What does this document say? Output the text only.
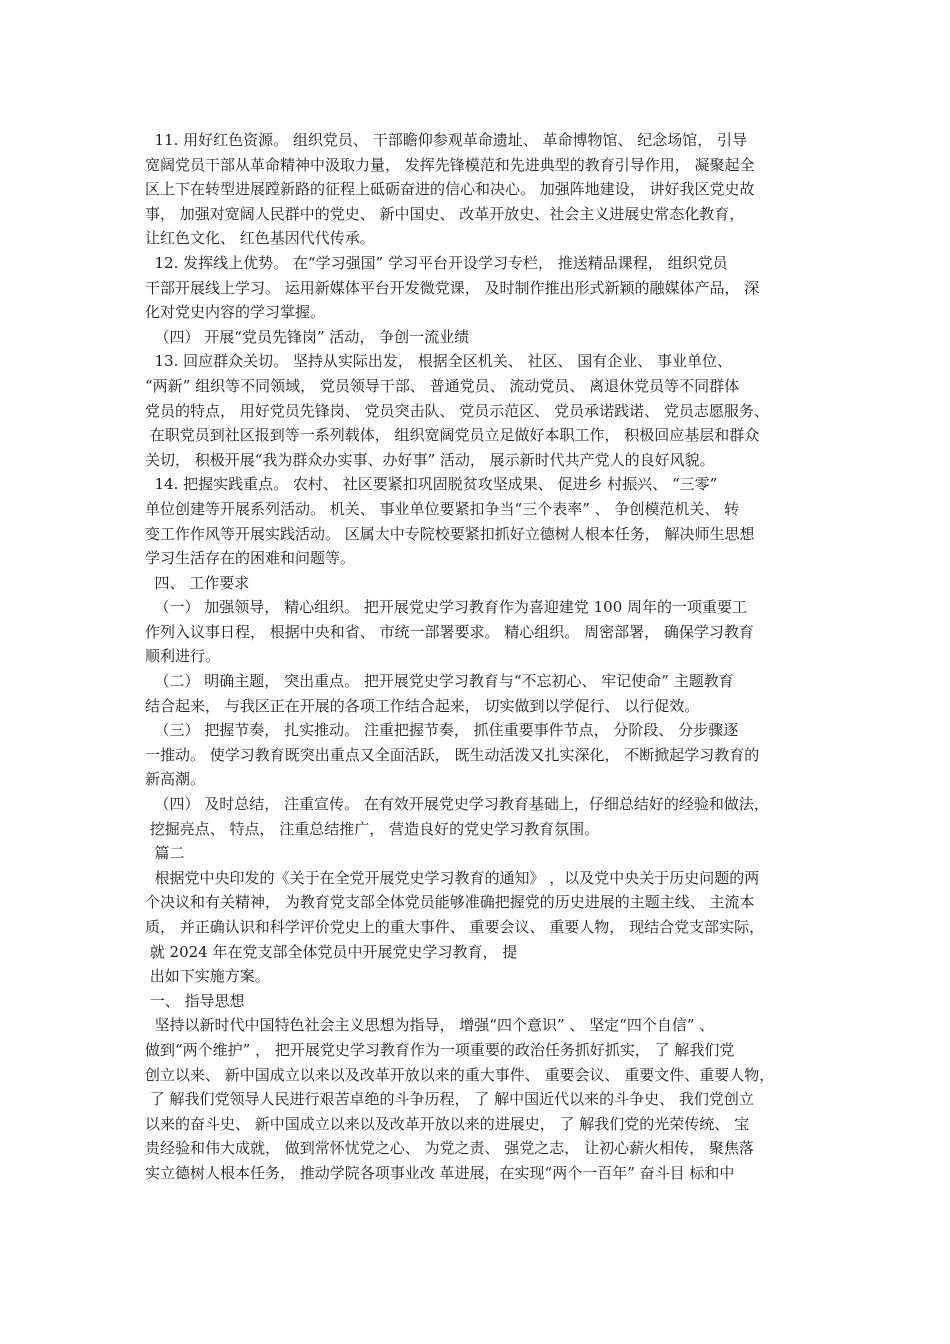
11. 用好红色资源。 组织党员、 干部瞻仰参观革命遗址、 革命博物馆、 纪念场馆， 引导
宽阔党员干部从革命精神中汲取力量， 发挥先锋模范和先进典型的教育引导作用， 凝聚起全
区上下在转型进展蹚新路的征程上砥砺奋进的信心和决心。 加强阵地建设， 讲好我区党史故
事， 加强对宽阔人民群中的党史、 新中国史、 改革开放史、社会主义进展史常态化教育，
让红色文化、 红色基因代代传承。
12. 发挥线上优势。 在“学习强国” 学习平台开设学习专栏， 推送精品课程， 组织党员
干部开展线上学习。 运用新媒体平台开发微党课， 及时制作推出形式新颖的融媒体产品， 深
化对党史内容的学习掌握。
（四） 开展“党员先锋岗” 活动， 争创一流业绩
13. 回应群众关切。 坚持从实际出发， 根据全区机关、 社区、 国有企业、 事业单位、
“两新” 组织等不同领域， 党员领导干部、 普通党员、 流动党员、 离退休党员等不同群体
党员的特点， 用好党员先锋岗、 党员突击队、 党员示范区、 党员承诺践诺、 党员志愿服务、
在职党员到社区报到等一系列载体， 组织宽阔党员立足做好本职工作， 积极回应基层和群众
关切， 积极开展“我为群众办实事、办好事” 活动， 展示新时代共产党人的良好风貌。
14. 把握实践重点。 农村、 社区要紧扣巩固脱贫攻坚成果、 促进乡 村振兴、 “三零”
单位创建等开展系列活动。 机关、 事业单位要紧扣争当“三个表率” 、 争创模范机关、 转
变工作作风等开展实践活动。 区属大中专院校要紧扣抓好立德树人根本任务， 解决师生思想
学习生活存在的困难和问题等。
四、 工作要求
（一） 加强领导， 精心组织。 把开展党史学习教育作为喜迎建党 100 周年的一项重要工
作列入议事日程， 根据中央和省、 市统一部署要求。 精心组织。 周密部署， 确保学习教育
顺利进行。
（二） 明确主题， 突出重点。 把开展党史学习教育与“不忘初心、 牢记使命” 主题教育
结合起来， 与我区正在开展的各项工作结合起来， 切实做到以学促行、 以行促效。
（三） 把握节奏， 扎实推动。 注重把握节奏， 抓住重要事件节点， 分阶段、 分步骤逐
一推动。 使学习教育既突出重点又全面活跃， 既生动活泼又扎实深化， 不断掀起学习教育的
新高潮。
（四） 及时总结， 注重宣传。 在有效开展党史学习教育基础上，仔细总结好的经验和做法，
挖掘亮点、 特点， 注重总结推广， 营造良好的党史学习教育氛围。
篇二
根据党中央印发的《关于在全党开展党史学习教育的通知》 ，以及党中央关于历史问题的两
个决议和有关精神， 为教育党支部全体党员能够准确把握党的历史进展的主题主线、 主流本
质， 并正确认识和科学评价党史上的重大事件、 重要会议、 重要人物， 现结合党支部实际，
就 2024 年在党支部全体党员中开展党史学习教育， 提
出如下实施方案。
一、 指导思想
坚持以新时代中国特色社会主义思想为指导， 增强“四个意识” 、 坚定“四个自信” 、
做到“两个维护” ， 把开展党史学习教育作为一项重要的政治任务抓好抓实， 了 解我们党
创立以来、 新中国成立以来以及改革开放以来的重大事件、 重要会议、 重要文件、重要人物，
了 解我们党领导人民进行艰苦卓绝的斗争历程， 了 解中国近代以来的斗争史、 我们党创立
以来的奋斗史、 新中国成立以来以及改革开放以来的进展史， 了 解我们党的光荣传统、 宝
贵经验和伟大成就， 做到常怀忧党之心、 为党之责、 强党之志， 让初心薪火相传， 聚焦落
实立德树人根本任务， 推动学院各项事业改 革进展，在实现“两个一百年” 奋斗目 标和中
